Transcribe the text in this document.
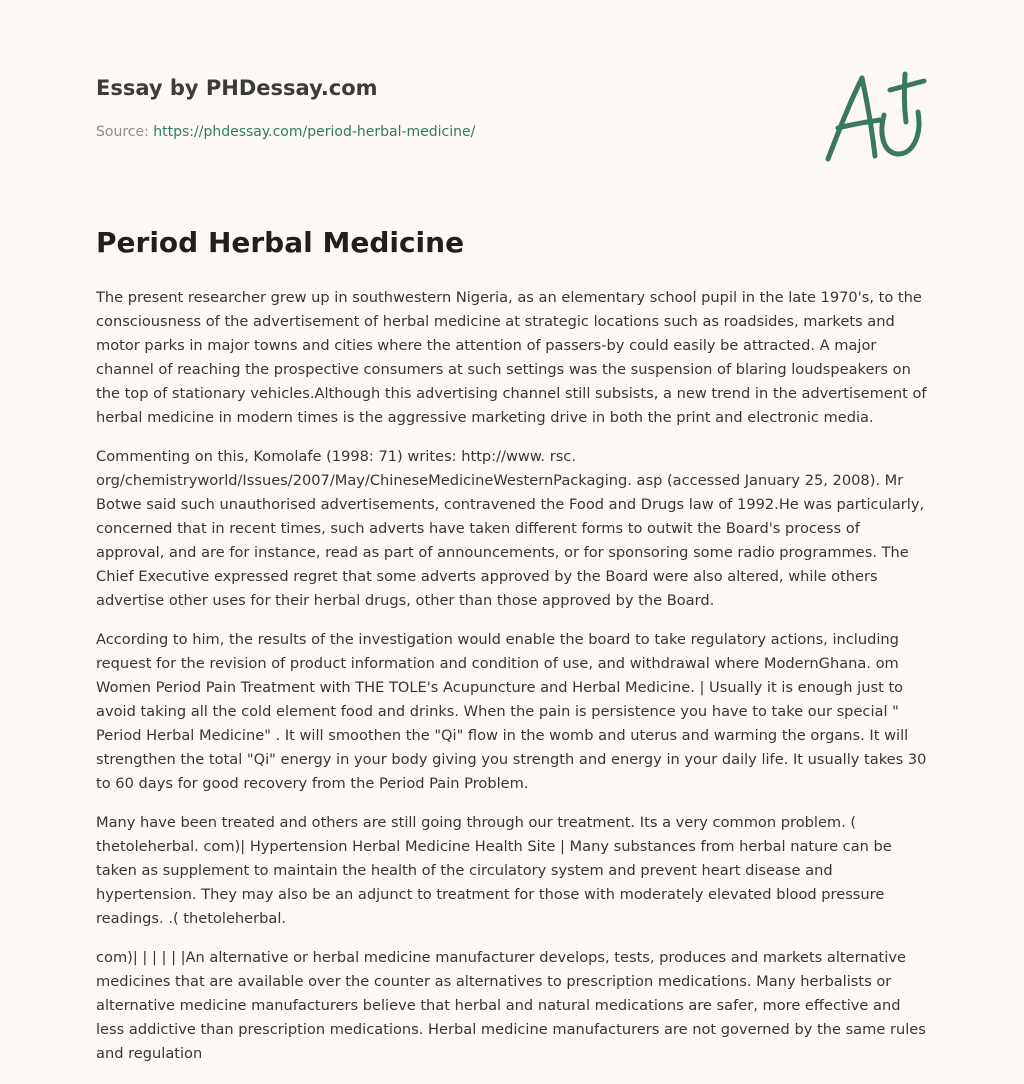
Essay by PHDessay.com
Source: https://phdessay.com/period-herbal-medicine/
Period Herbal Medicine

The present researcher grew up in southwestern Nigeria, as an elementary school pupil in the late 1970's, to the consciousness of the advertisement of herbal medicine at strategic locations such as roadsides, markets and motor parks in major towns and cities where the attention of passers-by could easily be attracted. A major channel of reaching the prospective consumers at such settings was the suspension of blaring loudspeakers on the top of stationary vehicles.Although this advertising channel still subsists, a new trend in the advertisement of herbal medicine in modern times is the aggressive marketing drive in both the print and electronic media.

Commenting on this, Komolafe (1998: 71) writes: http://www. rsc. org/chemistryworld/Issues/2007/May/ChineseMedicineWesternPackaging. asp (accessed January 25, 2008). Mr Botwe said such unauthorised advertisements, contravened the Food and Drugs law of 1992.He was particularly, concerned that in recent times, such adverts have taken different forms to outwit the Board's process of approval, and are for instance, read as part of announcements, or for sponsoring some radio programmes. The Chief Executive expressed regret that some adverts approved by the Board were also altered, while others advertise other uses for their herbal drugs, other than those approved by the Board.

According to him, the results of the investigation would enable the board to take regulatory actions, including request for the revision of product information and condition of use, and withdrawal where ModernGhana. om Women Period Pain Treatment with THE TOLE's Acupuncture and Herbal Medicine. | Usually it is enough just to avoid taking all the cold element food and drinks. When the pain is persistence you have to take our special " Period Herbal Medicine" . It will smoothen the "Qi" flow in the womb and uterus and warming the organs. It will strengthen the total "Qi" energy in your body giving you strength and energy in your daily life. It usually takes 30 to 60 days for good recovery from the Period Pain Problem.

Many have been treated and others are still going through our treatment. Its a very common problem. ( thetoleherbal. com)| Hypertension Herbal Medicine Health Site | Many substances from herbal nature can be taken as supplement to maintain the health of the circulatory system and prevent heart disease and hypertension. They may also be an adjunct to treatment for those with moderately elevated blood pressure readings. .( thetoleherbal.

com)| | | | | |An alternative or herbal medicine manufacturer develops, tests, produces and markets alternative medicines that are available over the counter as alternatives to prescription medications. Many herbalists or alternative medicine manufacturers believe that herbal and natural medications are safer, more effective and less addictive than prescription medications. Herbal medicine manufacturers are not governed by the same rules and regulation
